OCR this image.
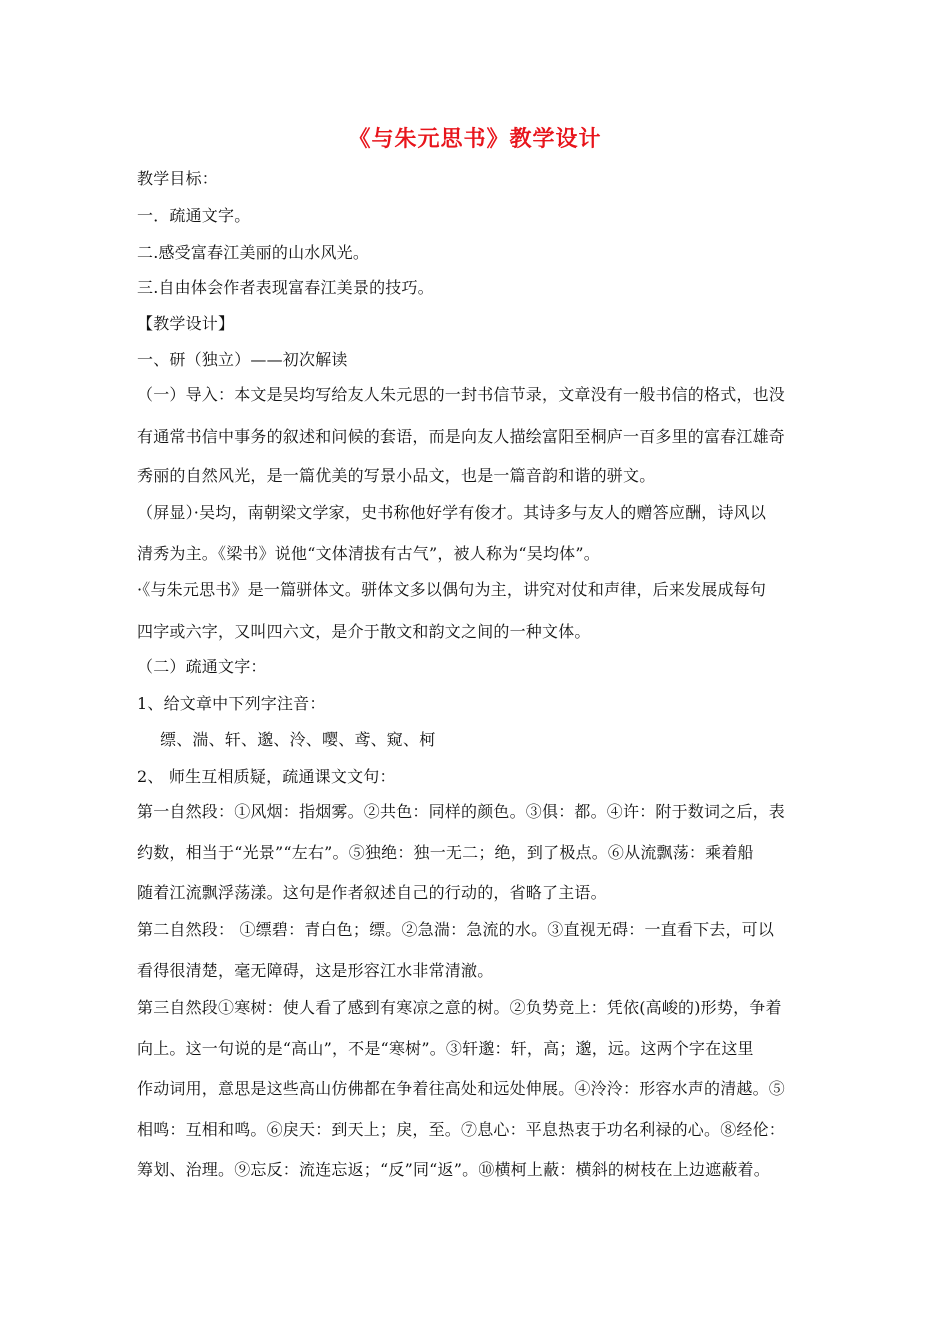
《与朱元思书》教学设计
教学目标：
一．疏通文字。
二.感受富春江美丽的山水风光。
三.自由体会作者表现富春江美景的技巧。
【教学设计】
一、研（独立）——初次解读
（一）导入：本文是吴均写给友人朱元思的一封书信节录，文章没有一般书信的格式，也没
有通常书信中事务的叙述和问候的套语，而是向友人描绘富阳至桐庐一百多里的富春江雄奇
秀丽的自然风光，是一篇优美的写景小品文，也是一篇音韵和谐的骈文。
（屏显）·吴均，南朝梁文学家，史书称他好学有俊才。其诗多与友人的赠答应酬，诗风以
清秀为主。《梁书》说他“文体清拔有古气”，被人称为“吴均体”。
·《与朱元思书》是一篇骈体文。骈体文多以偶句为主，讲究对仗和声律，后来发展成每句
四字或六字，又叫四六文，是介于散文和韵文之间的一种文体。
（二）疏通文字：
1、给文章中下列字注音：
缥、湍、轩、邈、泠、嘤、鸢、窥、柯
2、 师生互相质疑，疏通课文文句：
第一自然段：①风烟：指烟雾。②共色：同样的颜色。③俱：都。④许：附于数词之后，表
约数，相当于“光景”“左右”。⑤独绝：独一无二；绝，到了极点。⑥从流飘荡：乘着船
随着江流飘浮荡漾。这句是作者叙述自己的行动的，省略了主语。
第二自然段： ①缥碧：青白色；缥。②急湍：急流的水。③直视无碍：一直看下去，可以
看得很清楚，毫无障碍，这是形容江水非常清澈。
第三自然段①寒树：使人看了感到有寒凉之意的树。②负势竞上：凭依(高峻的)形势，争着
向上。这一句说的是“高山”，不是“寒树”。③轩邈：轩，高；邈，远。这两个字在这里
作动词用，意思是这些高山仿佛都在争着往高处和远处伸展。④泠泠：形容水声的清越。⑤
相鸣：互相和鸣。⑥戾天：到天上；戾，至。⑦息心：平息热衷于功名利禄的心。⑧经伦：
筹划、治理。⑨忘反：流连忘返；“反”同“返”。⑩横柯上蔽：横斜的树枝在上边遮蔽着。
